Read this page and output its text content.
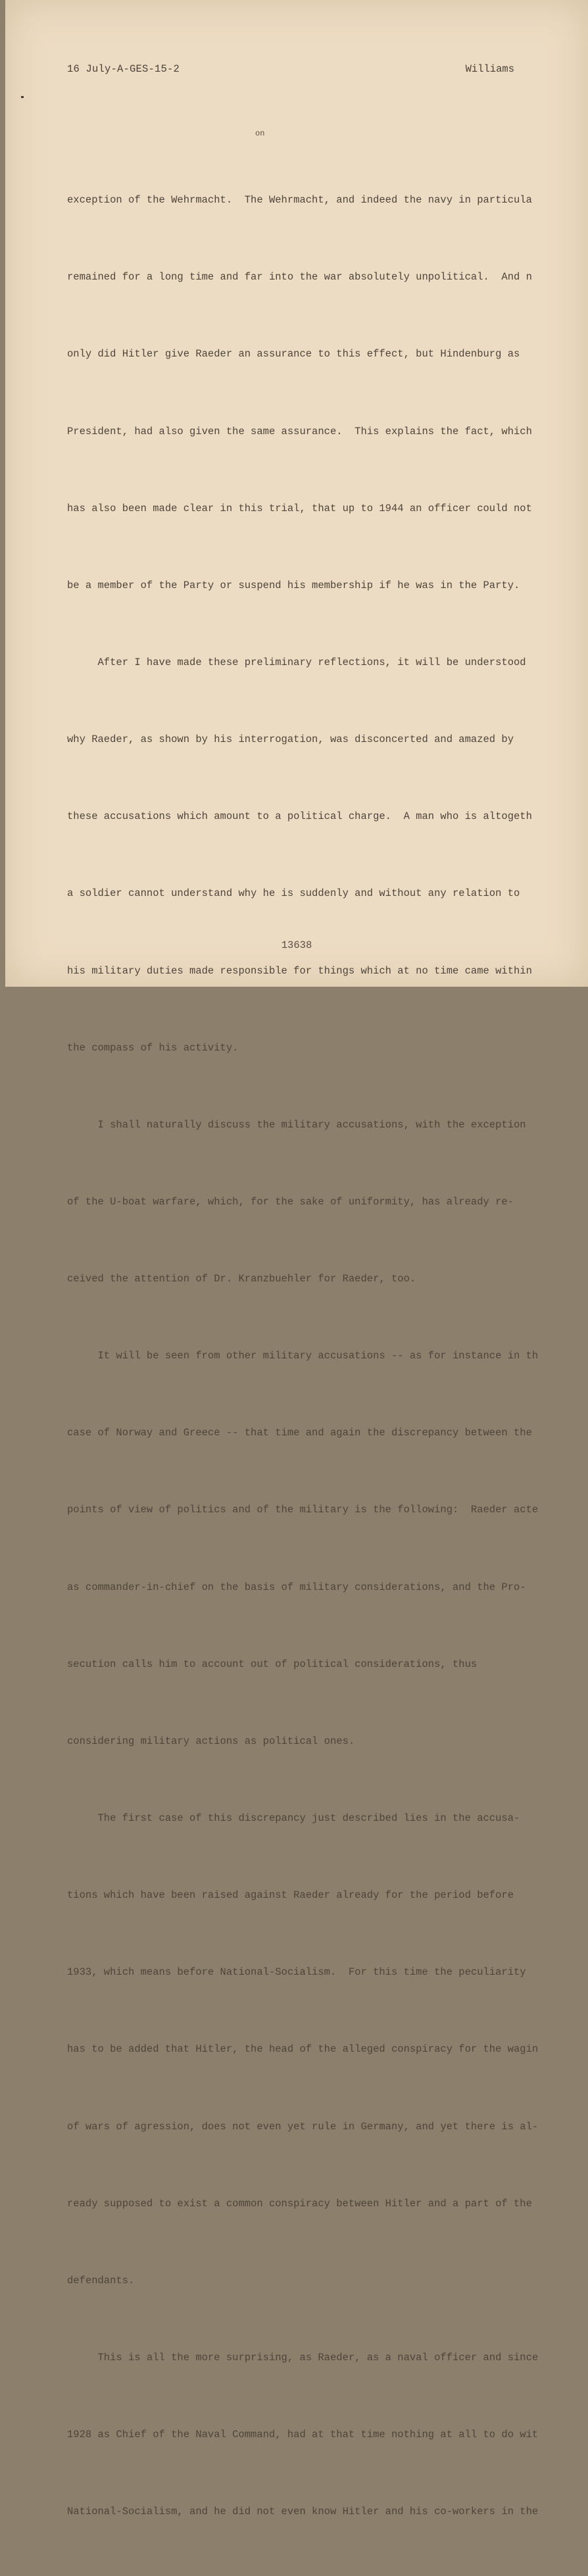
16 July-A-GES-15-2	Williams
on

exception of the Wehrmacht.  The Wehrmacht, and indeed the navy in particula

remained for a long time and far into the war absolutely unpolitical.  And n

only did Hitler give Raeder an assurance to this effect, but Hindenburg as

President, had also given the same assurance.  This explains the fact, which

has also been made clear in this trial, that up to 1944 an officer could not

be a member of the Party or suspend his membership if he was in the Party.

After I have made these preliminary reflections, it will be understood

why Raeder, as shown by his interrogation, was disconcerted and amazed by

these accusations which amount to a political charge.  A man who is altogeth

a soldier cannot understand why he is suddenly and without any relation to

his military duties made responsible for things which at no time came within

the compass of his activity.

I shall naturally discuss the military accusations, with the exception

of the U-boat warfare, which, for the sake of uniformity, has already re-

ceived the attention of Dr. Kranzbuehler for Raeder, too.

It will be seen from other military accusations -- as for instance in th

case of Norway and Greece -- that time and again the discrepancy between the

points of view of politics and of the military is the following:  Raeder acte

as commander-in-chief on the basis of military considerations, and the Pro-

secution calls him to account out of political considerations, thus

considering military actions as political ones.

The first case of this discrepancy just described lies in the accusa-

tions which have been raised against Raeder already for the period before

1933, which means before National-Socialism.  For this time the peculiarity

has to be added that Hitler, the head of the alleged conspiracy for the wagin

of wars of agression, does not even yet rule in Germany, and yet there is al-

ready supposed to exist a common conspiracy between Hitler and a part of the

defendants.

This is all the more surprising, as Raeder, as a naval officer and since

1928 as Chief of the Naval Command, had at that time nothing at all to do wit

National-Socialism, and he did not even know Hitler and his co-workers in the

13638
